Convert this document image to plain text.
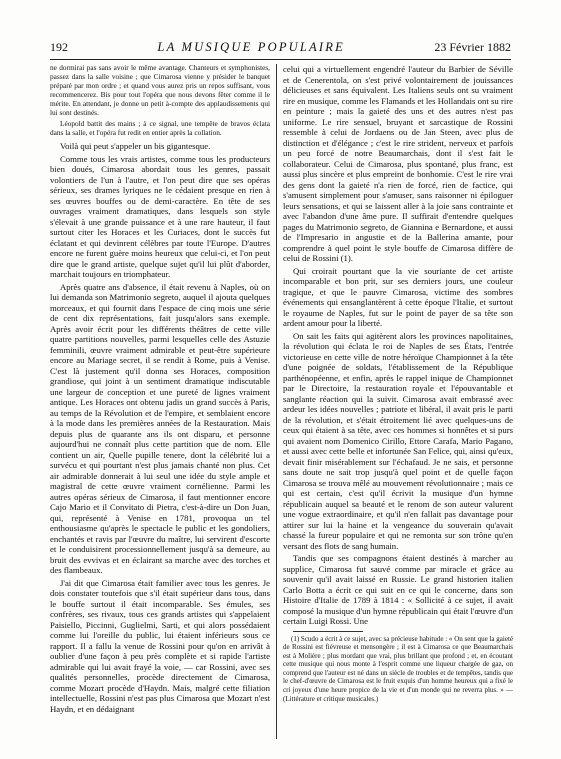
192	LA MUSIQUE POPULAIRE	23 Février 1882

ne dormirai pas sans avoir le même avantage. Chanteurs et symphonistes, passez dans la salle voisine ; que Cimarosa vienne y présider le banquet préparé par mon ordre ; et quand vous aurez pris un repos suffisant, vous recommencerez. Bis pour tout l'opéra que nous devons fêter comme il le mérite. En attendant, je donne un petit à-compte des applaudissements qui lui sont destinés.

Léopold battit des mains ; à ce signal, une tempête de bravos éclata dans la salle, et l'opéra fut redit en entier après la collation.

Voilà qui peut s'appeler un bis gigantesque.

Comme tous les vrais artistes, comme tous les producteurs bien doués, Cimarosa abordait tous les genres, passait volontiers de l'un à l'autre, et l'on peut dire que ses opéras sérieux, ses drames lyriques ne le cédaient presque en rien à ses œuvres bouffes ou de demi-caractère. En tête de ses ouvrages vraiment dramatiques, dans lesquels son style s'élevait à une grande puissance et à une rare hauteur, il faut surtout citer les Horaces et les Curiaces, dont le succès fut éclatant et qui devinrent célèbres par toute l'Europe. D'autres encore ne furent guère moins heureux que celui-ci, et l'on peut dire que le grand artiste, quelque sujet qu'il lui plût d'aborder, marchait toujours en triomphateur.

Après quatre ans d'absence, il était revenu à Naples, où on lui demanda son Matrimonio segreto, auquel il ajouta quelques morceaux, et qui fournit dans l'espace de cinq mois une série de cent dix représentations, fait jusqu'alors sans exemple. Après avoir écrit pour les différents théâtres de cette ville quatre partitions nouvelles, parmi lesquelles celle des Astuzie femminili, œuvre vraiment admirable et peut-être supérieure encore au Mariage secret, il se rendit à Rome, puis à Venise. C'est là justement qu'il donna ses Horaces, composition grandiose, qui joint à un sentiment dramatique indiscutable une largeur de conception et une pureté de lignes vraiment antique. Les Horaces ont obtenu jadis un grand succès à Paris, au temps de la Révolution et de l'empire, et semblaient encore à la mode dans les premières années de la Restauration. Mais depuis plus de quarante ans ils ont disparu, et personne aujourd'hui ne connaît plus cette partition que de nom. Elle contient un air, Quelle pupille tenere, dont la célébrité lui a survécu et qui pourtant n'est plus jamais chanté non plus. Cet air admirable donnerait à lui seul une idée du style ample et magistral de cette œuvre vraiment cornélienne. Parmi les autres opéras sérieux de Cimarosa, il faut mentionner encore Cajo Mario et il Convitato di Pietra, c'est-à-dire un Don Juan, qui, représenté à Venise en 1781, provoqua un tel enthousiasme qu'après le spectacle le public et les gondoliers, enchantés et ravis par l'œuvre du maître, lui servirent d'escorte et le conduisirent processionnellement jusqu'à sa demeure, au bruit des evvivas et en éclairant sa marche avec des torches et des flambeaux.

J'ai dit que Cimarosa était familier avec tous les genres. Je dois constater toutefois que s'il était supérieur dans tous, dans le bouffe surtout il était incomparable. Ses émules, ses confrères, ses rivaux, tous ces grands artistes qui s'appelaient Paisiello, Piccinni, Guglielmi, Sarti, et qui alors possédaient comme lui l'oreille du public, lui étaient inférieurs sous ce rapport. Il a fallu la venue de Rossini pour qu'on en arrivât à oublier d'une façon à peu près complète et si rapide l'artiste admirable qui lui avait frayé la voie, — car Rossini, avec ses qualités personnelles, procède directement de Cimarosa, comme Mozart procède d'Haydn. Mais, malgré cette filiation intellectuelle, Rossini n'est pas plus Cimarosa que Mozart n'est Haydn, et en dédaignant

celui qui a virtuellement engendré l'auteur du Barbier de Séville et de Cenerentola, on s'est privé volontairement de jouissances délicieuses et sans équivalent. Les Italiens seuls ont su vraiment rire en musique, comme les Flamands et les Hollandais ont su rire en peinture ; mais la gaieté des uns et des autres n'est pas uniforme. Le rire sensuel, bruyant et sarcastique de Rossini ressemble à celui de Jordaens ou de Jan Steen, avec plus de distinction et d'élégance ; c'est le rire strident, nerveux et parfois un peu forcé de notre Beaumarchais, dont il s'est fait le collaborateur. Celui de Cimarosa, plus spontané, plus franc, est aussi plus sincère et plus empreint de bonhomie. C'est le rire vrai des gens dont la gaieté n'a rien de forcé, rien de factice, qui s'amusent simplement pour s'amuser, sans raisonner ni épiloguer leurs sensations, et qui se laissent aller à la joie sans contrainte et avec l'abandon d'une âme pure. Il suffirait d'entendre quelques pages du Matrimonio segreto, de Giannina e Bernardone, et aussi de l'Impresario in angustie et de la Ballerina amante, pour comprendre à quel point le style bouffe de Cimarosa diffère de celui de Rossini (1).

Qui croirait pourtant que la vie souriante de cet artiste incomparable et bon prit, sur ses derniers jours, une couleur tragique, et que le pauvre Cimarosa, victime des sombres événements qui ensanglantèrent à cette époque l'Italie, et surtout le royaume de Naples, fut sur le point de payer de sa tête son ardent amour pour la liberté.

On sait les faits qui agitèrent alors les provinces napolitaines, la révolution qui éclata le roi de Naples de ses États, l'entrée victorieuse en cette ville de notre héroïque Championnet à la tête d'une poignée de soldats, l'établissement de la République parthénopéenne, et enfin, après le rappel inique de Championnet par le Directoire, la restauration royale et l'épouvantable et sanglante réaction qui la suivit. Cimarosa avait embrassé avec ardeur les idées nouvelles ; patriote et libéral, il avait pris le parti de la révolution, et s'était étroitement lié avec quelques-uns de ceux qui étaient à sa tête, avec ces hommes si honnêtes et si purs qui avaient nom Domenico Cirillo, Ettore Carafa, Mario Pagano, et aussi avec cette belle et infortunée San Felice, qui, ainsi qu'eux, devait finir misérablement sur l'échafaud. Je ne sais, et personne sans doute ne sait trop jusqu'à quel point et de quelle façon Cimarosa se trouva mêlé au mouvement révolutionnaire ; mais ce qui est certain, c'est qu'il écrivit la musique d'un hymne républicain auquel sa beauté et le renom de son auteur valurent une vogue extraordinaire, et qu'il n'en fallait pas davantage pour attirer sur lui la haine et la vengeance du souverain qu'avait chassé la fureur populaire et qui ne remonta sur son trône qu'en versant des flots de sang humain.

Tandis que ses compagnons étaient destinés à marcher au supplice, Cimarosa fut sauvé comme par miracle et grâce au souvenir qu'il avait laissé en Russie. Le grand historien italien Carlo Botta a écrit ce qui suit en ce qui le concerne, dans son Histoire d'Italie de 1789 à 1814 : « Sollicité à ce sujet, il avait composé la musique d'un hymne républicain qui était l'œuvre d'un certain Luigi Rossi. Une

(1) Scudo a écrit à ce sujet, avec sa précieuse habitude : « On sent que la gaieté de Rossini est fiévreuse et mensongère ; il est à Cimarosa ce que Beaumarchais est à Molière ; plus mordant que vrai, plus brillant que profond ; et, en écoutant cette musique qui nous monte à l'esprit comme une liqueur chargée de gaz, on comprend que l'auteur est né dans un siècle de troubles et de tempêtes, tandis que le chef-d'œuvre de Cimarosa est le fruit exquis d'un homme heureux qui a fixé le cri joyeux d'une heure propice de la vie et d'un monde qui ne reverra plus. » — (Littérature et critique musicales.)
